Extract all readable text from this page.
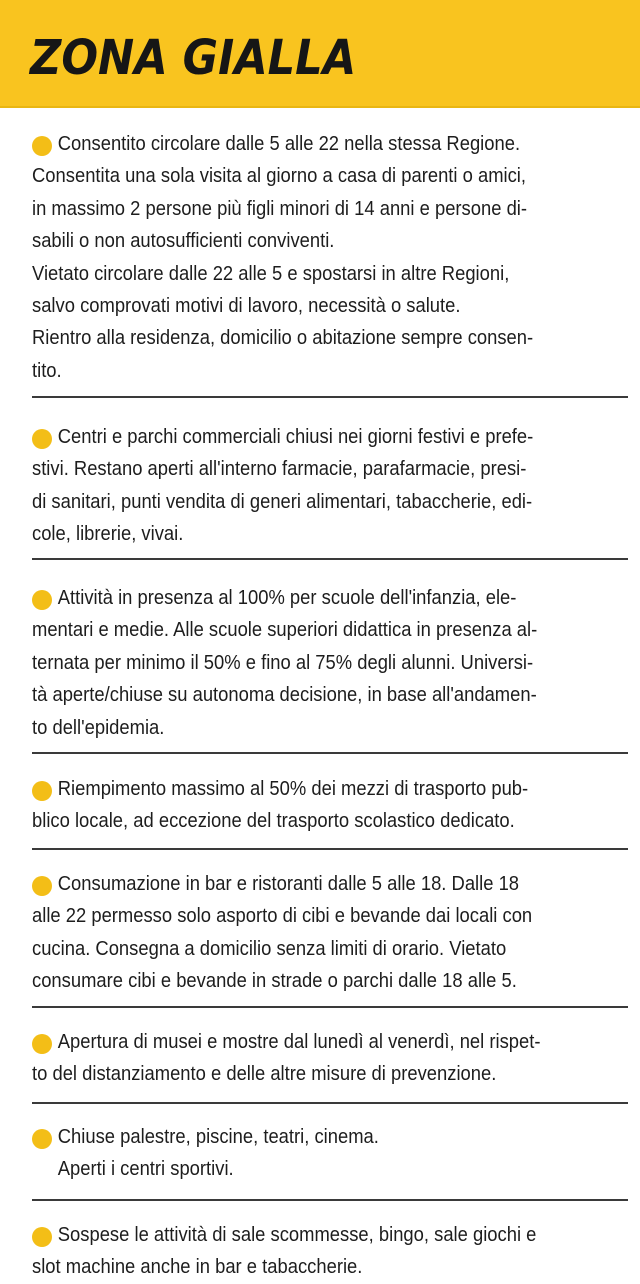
ZONA GIALLA
Consentito circolare dalle 5 alle 22 nella stessa Regione.
Consentita una sola visita al giorno a casa di parenti o amici,
in massimo 2 persone più figli minori di 14 anni e persone di-
sabili o non autosufficienti conviventi.
Vietato circolare dalle 22 alle 5 e spostarsi in altre Regioni,
salvo comprovati motivi di lavoro, necessità o salute.
Rientro alla residenza, domicilio o abitazione sempre consen-
tito.
Centri e parchi commerciali chiusi nei giorni festivi e prefe-
stivi. Restano aperti all'interno farmacie, parafarmacie, presi-
di sanitari, punti vendita di generi alimentari, tabaccherie, edi-
cole, librerie, vivai.
Attività in presenza al 100% per scuole dell'infanzia, ele-
mentari e medie. Alle scuole superiori didattica in presenza al-
ternata per minimo il 50% e fino al 75% degli alunni. Universi-
tà aperte/chiuse su autonoma decisione, in base all'andamen-
to dell'epidemia.
Riempimento massimo al 50% dei mezzi di trasporto pub-
blico locale, ad eccezione del trasporto scolastico dedicato.
Consumazione in bar e ristoranti dalle 5 alle 18. Dalle 18
alle 22 permesso solo asporto di cibi e bevande dai locali con
cucina. Consegna a domicilio senza limiti di orario. Vietato
consumare cibi e bevande in strade o parchi dalle 18 alle 5.
Apertura di musei e mostre dal lunedì al venerdì, nel rispet-
to del distanziamento e delle altre misure di prevenzione.
Chiuse palestre, piscine, teatri, cinema.
Aperti i centri sportivi.
Sospese le attività di sale scommesse, bingo, sale giochi e
slot machine anche in bar e tabaccherie.
